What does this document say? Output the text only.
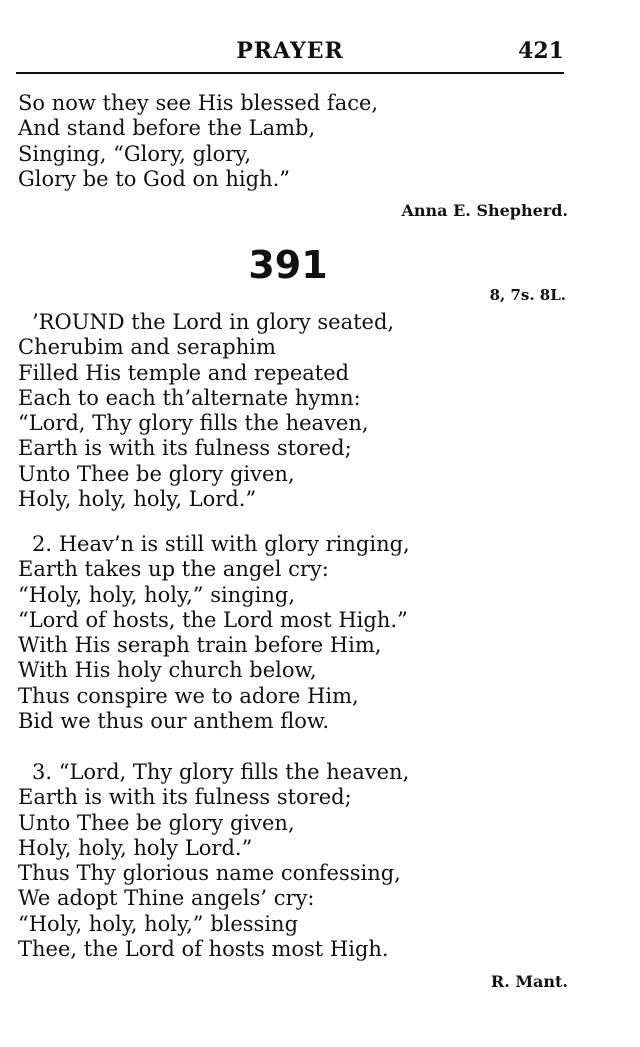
PRAYER	421
So now they see His blessed face,
And stand before the Lamb,
Singing, “Glory, glory,
Glory be to God on high.”
Anna E. Shepherd.
391
8, 7s. 8L.
’ROUND the Lord in glory seated,
Cherubim and seraphim
Filled His temple and repeated
Each to each th’alternate hymn:
“Lord, Thy glory fills the heaven,
Earth is with its fulness stored;
Unto Thee be glory given,
Holy, holy, holy, Lord.”
2. Heav’n is still with glory ringing,
Earth takes up the angel cry:
“Holy, holy, holy,” singing,
“Lord of hosts, the Lord most High.”
With His seraph train before Him,
With His holy church below,
Thus conspire we to adore Him,
Bid we thus our anthem flow.
3. “Lord, Thy glory fills the heaven,
Earth is with its fulness stored;
Unto Thee be glory given,
Holy, holy, holy Lord.”
Thus Thy glorious name confessing,
We adopt Thine angels’ cry:
“Holy, holy, holy,” blessing
Thee, the Lord of hosts most High.
R. Mant.
